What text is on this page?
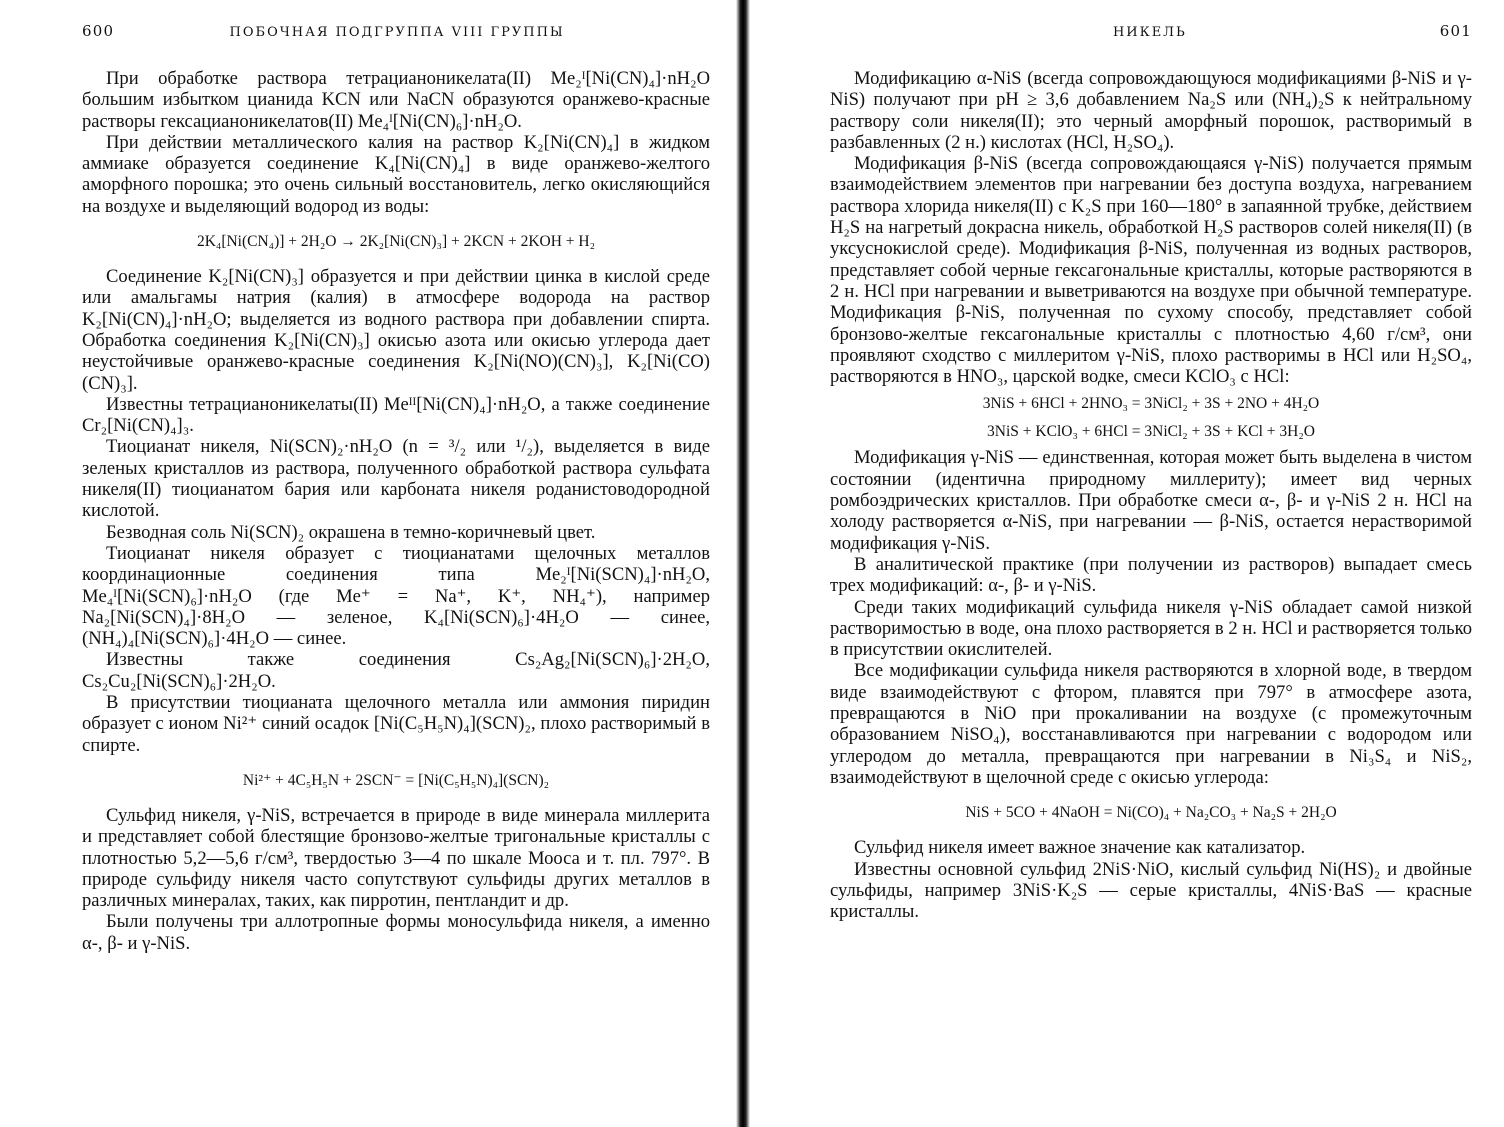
600	ПОБОЧНАЯ ПОДГРУППА VIII ГРУППЫ

При обработке раствора тетрацианоникелата(II) Me₂ᴵ[Ni(CN)₄]·nH₂O большим избытком цианида KCN или NaCN образуются оранжево-красные растворы гексацианоникелатов(II) Me₄ᴵ[Ni(CN)₆]·nH₂O.

При действии металлического калия на раствор K₂[Ni(CN)₄] в жидком аммиаке образуется соединение K₄[Ni(CN)₄] в виде оранжево-желтого аморфного порошка; это очень сильный восстановитель, легко окисляющийся на воздухе и выделяющий водород из воды:

2K₄[Ni(CN₄)] + 2H₂O → 2K₂[Ni(CN)₃] + 2KCN + 2KOH + H₂

Соединение K₂[Ni(CN)₃] образуется и при действии цинка в кислой среде или амальгамы натрия (калия) в атмосфере водорода на раствор K₂[Ni(CN)₄]·nH₂O; выделяется из водного раствора при добавлении спирта. Обработка соединения K₂[Ni(CN)₃] окисью азота или окисью углерода дает неустойчивые оранжево-красные соединения K₂[Ni(NO)(CN)₃], K₂[Ni(CO)(CN)₃].

Известны тетрацианоникелаты(II) Meᴵᴵ[Ni(CN)₄]·nH₂O, а также соединение Cr₂[Ni(CN)₄]₃.

Тиоцианат никеля, Ni(SCN)₂·nH₂O (n = ³/₂ или ¹/₂), выделяется в виде зеленых кристаллов из раствора, полученного обработкой раствора сульфата никеля(II) тиоцианатом бария или карбоната никеля роданистоводородной кислотой.

Безводная соль Ni(SCN)₂ окрашена в темно-коричневый цвет.

Тиоцианат никеля образует с тиоцианатами щелочных металлов координационные соединения типа Me₂ᴵ[Ni(SCN)₄]·nH₂O, Me₄ᴵ[Ni(SCN)₆]·nH₂O (где Me⁺ = Na⁺, K⁺, NH₄⁺), например Na₂[Ni(SCN)₄]·8H₂O — зеленое, K₄[Ni(SCN)₆]·4H₂O — синее, (NH₄)₄[Ni(SCN)₆]·4H₂O — синее.

Известны также соединения Cs₂Ag₂[Ni(SCN)₆]·2H₂O, Cs₂Cu₂[Ni(SCN)₆]·2H₂O.

В присутствии тиоцианата щелочного металла или аммония пиридин образует с ионом Ni²⁺ синий осадок [Ni(C₅H₅N)₄](SCN)₂, плохо растворимый в спирте.

Ni²⁺ + 4C₅H₅N + 2SCN⁻ = [Ni(C₅H₅N)₄](SCN)₂

Сульфид никеля, γ-NiS, встречается в природе в виде минерала миллерита и представляет собой блестящие бронзово-желтые тригональные кристаллы с плотностью 5,2—5,6 г/см³, твердостью 3—4 по шкале Мооса и т. пл. 797°. В природе сульфиду никеля часто сопутствуют сульфиды других металлов в различных минералах, таких, как пирротин, пентландит и др.

Были получены три аллотропные формы моносульфида никеля, а именно α-, β- и γ-NiS.

НИКЕЛЬ	601

Модификацию α-NiS (всегда сопровождающуюся модификациями β-NiS и γ-NiS) получают при pH ≥ 3,6 добавлением Na₂S или (NH₄)₂S к нейтральному раствору соли никеля(II); это черный аморфный порошок, растворимый в разбавленных (2 н.) кислотах (HCl, H₂SO₄).

Модификация β-NiS (всегда сопровождающаяся γ-NiS) получается прямым взаимодействием элементов при нагревании без доступа воздуха, нагреванием раствора хлорида никеля(II) с K₂S при 160—180° в запаянной трубке, действием H₂S на нагретый докрасна никель, обработкой H₂S растворов солей никеля(II) (в уксуснокислой среде). Модификация β-NiS, полученная из водных растворов, представляет собой черные гексагональные кристаллы, которые растворяются в 2 н. HCl при нагревании и выветриваются на воздухе при обычной температуре. Модификация β-NiS, полученная по сухому способу, представляет собой бронзово-желтые гексагональные кристаллы с плотностью 4,60 г/см³, они проявляют сходство с миллеритом γ-NiS, плохо растворимы в HCl или H₂SO₄, растворяются в HNO₃, царской водке, смеси KClO₃ с HCl:

3NiS + 6HCl + 2HNO₃ = 3NiCl₂ + 3S + 2NO + 4H₂O
3NiS + KClO₃ + 6HCl = 3NiCl₂ + 3S + KCl + 3H₂O

Модификация γ-NiS — единственная, которая может быть выделена в чистом состоянии (идентична природному миллериту); имеет вид черных ромбоэдрических кристаллов. При обработке смеси α-, β- и γ-NiS 2 н. HCl на холоду растворяется α-NiS, при нагревании — β-NiS, остается нерастворимой модификация γ-NiS.

В аналитической практике (при получении из растворов) выпадает смесь трех модификаций: α-, β- и γ-NiS.

Среди таких модификаций сульфида никеля γ-NiS обладает самой низкой растворимостью в воде, она плохо растворяется в 2 н. HCl и растворяется только в присутствии окислителей.

Все модификации сульфида никеля растворяются в хлорной воде, в твердом виде взаимодействуют с фтором, плавятся при 797° в атмосфере азота, превращаются в NiO при прокаливании на воздухе (с промежуточным образованием NiSO₄), восстанавливаются при нагревании с водородом или углеродом до металла, превращаются при нагревании в Ni₃S₄ и NiS₂, взаимодействуют в щелочной среде с окисью углерода:

NiS + 5CO + 4NaOH = Ni(CO)₄ + Na₂CO₃ + Na₂S + 2H₂O

Сульфид никеля имеет важное значение как катализатор.

Известны основной сульфид 2NiS·NiO, кислый сульфид Ni(HS)₂ и двойные сульфиды, например 3NiS·K₂S — серые кристаллы, 4NiS·BaS — красные кристаллы.
